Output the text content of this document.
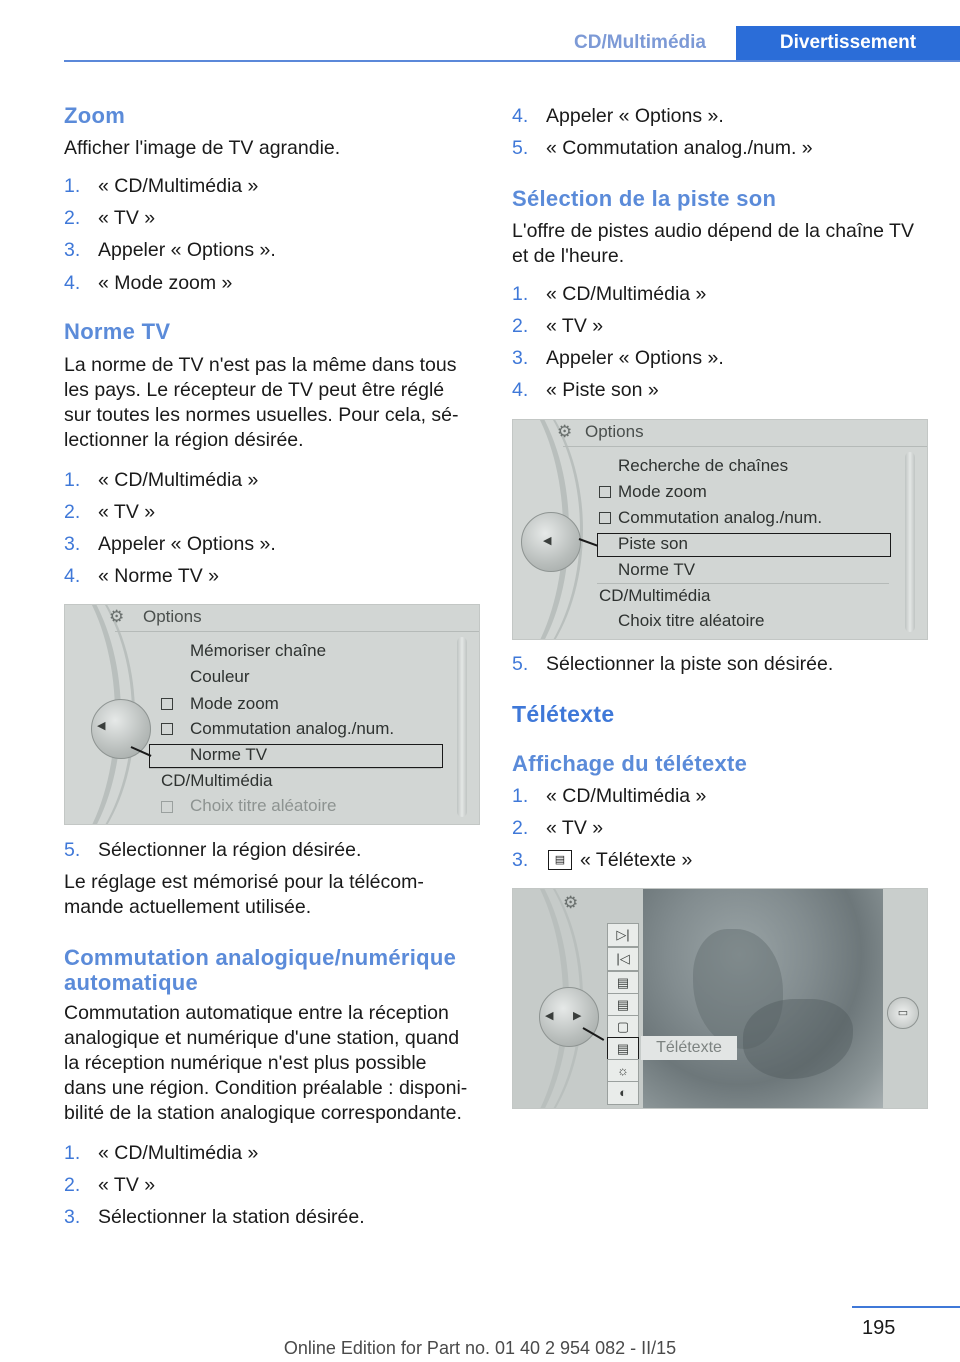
CD/Multimédia	Divertissement
Zoom
Afficher l'image de TV agrandie.
1. « CD/Multimédia »
2. « TV »
3. Appeler « Options ».
4. « Mode zoom »
Norme TV
La norme de TV n'est pas la même dans tous
les pays. Le récepteur de TV peut être réglé
sur toutes les normes usuelles. Pour cela, sé‐
lectionner la région désirée.
1. « CD/Multimédia »
2. « TV »
3. Appeler « Options ».
4. « Norme TV »
⚙ Options
Mémoriser chaîne
Couleur
Mode zoom
Commutation analog./num.
Norme TV
CD/Multimédia
Choix titre aléatoire
◀
5. Sélectionner la région désirée.
Le réglage est mémorisé pour la télécom‐
mande actuellement utilisée.
Commutation analogique/numérique
automatique
Commutation automatique entre la réception
analogique et numérique d'une station, quand
la réception numérique n'est plus possible
dans une région. Condition préalable : disponi‐
bilité de la station analogique correspondante.
1. « CD/Multimédia »
2. « TV »
3. Sélectionner la station désirée.
4. Appeler « Options ».
5. « Commutation analog./num. »
Sélection de la piste son
L'offre de pistes audio dépend de la chaîne TV
et de l'heure.
1. « CD/Multimédia »
2. « TV »
3. Appeler « Options ».
4. « Piste son »
⚙ Options
Recherche de chaînes
Mode zoom
Commutation analog./num.
Piste son
Norme TV
CD/Multimédia
Choix titre aléatoire
◀
5. Sélectionner la piste son désirée.
Télétexte
Affichage du télétexte
1. « CD/Multimédia »
2. « TV »
3.	▤ « Télétexte »
⚙
▷|
|◁
▤
▤
▢
▤
☼
◐
Télétexte
◀ ▶	▭
195
Online Edition for Part no. 01 40 2 954 082 - II/15
